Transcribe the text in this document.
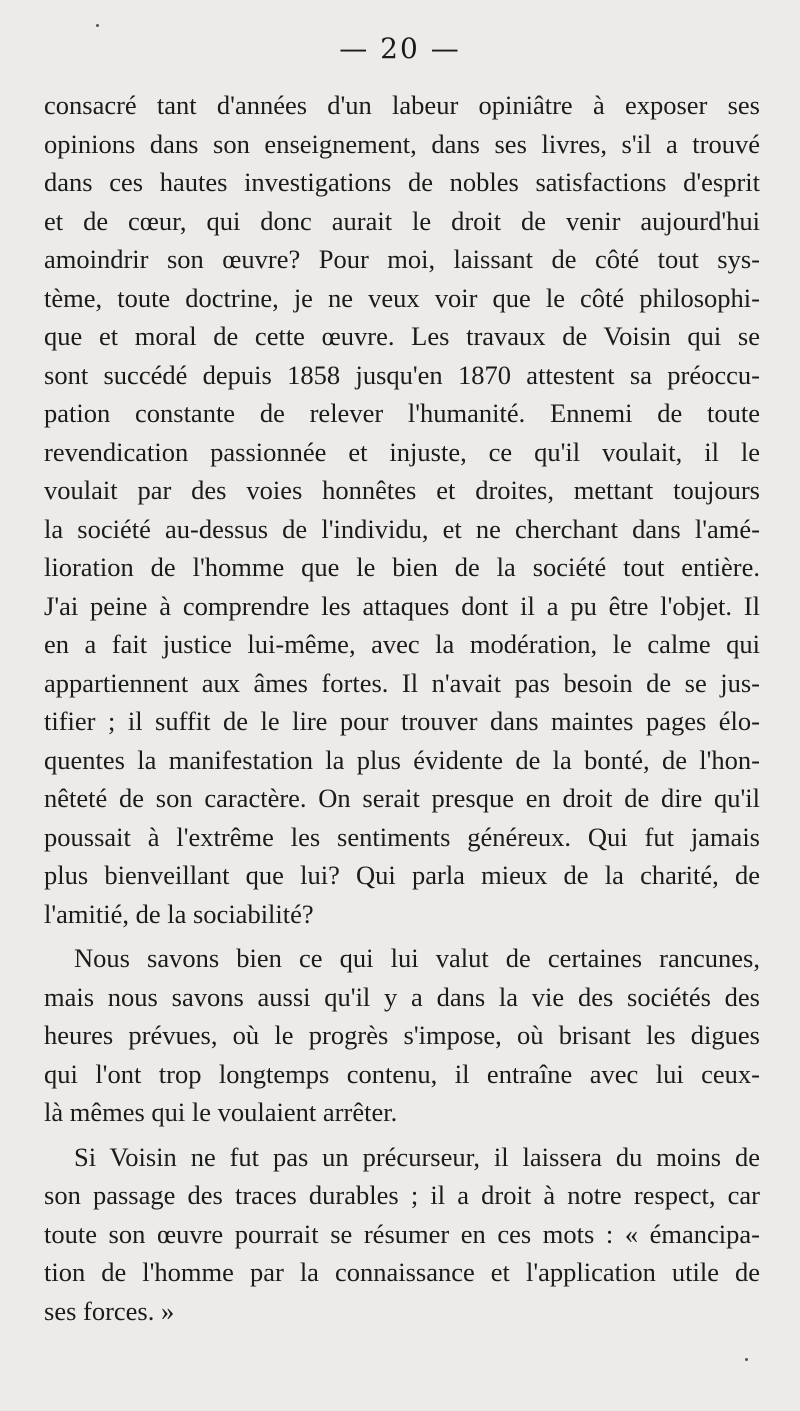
— 20 —
consacré tant d'années d'un labeur opiniâtre à exposer ses
opinions dans son enseignement, dans ses livres, s'il a trouvé
dans ces hautes investigations de nobles satisfactions d'esprit
et de cœur, qui donc aurait le droit de venir aujourd'hui
amoindrir son œuvre? Pour moi, laissant de côté tout sys-
tème, toute doctrine, je ne veux voir que le côté philosophi-
que et moral de cette œuvre. Les travaux de Voisin qui se
sont succédé depuis 1858 jusqu'en 1870 attestent sa préoccu-
pation constante de relever l'humanité. Ennemi de toute
revendication passionnée et injuste, ce qu'il voulait, il le
voulait par des voies honnêtes et droites, mettant toujours
la société au-dessus de l'individu, et ne cherchant dans l'amé-
lioration de l'homme que le bien de la société tout entière.
J'ai peine à comprendre les attaques dont il a pu être l'objet. Il
en a fait justice lui-même, avec la modération, le calme qui
appartiennent aux âmes fortes. Il n'avait pas besoin de se jus-
tifier ; il suffit de le lire pour trouver dans maintes pages élo-
quentes la manifestation la plus évidente de la bonté, de l'hon-
nêteté de son caractère. On serait presque en droit de dire qu'il
poussait à l'extrême les sentiments généreux. Qui fut jamais
plus bienveillant que lui? Qui parla mieux de la charité, de
l'amitié, de la sociabilité?
Nous savons bien ce qui lui valut de certaines rancunes,
mais nous savons aussi qu'il y a dans la vie des sociétés des
heures prévues, où le progrès s'impose, où brisant les digues
qui l'ont trop longtemps contenu, il entraîne avec lui ceux-
là mêmes qui le voulaient arrêter.
Si Voisin ne fut pas un précurseur, il laissera du moins de
son passage des traces durables ; il a droit à notre respect, car
toute son œuvre pourrait se résumer en ces mots : « émancipa-
tion de l'homme par la connaissance et l'application utile de
ses forces. »
